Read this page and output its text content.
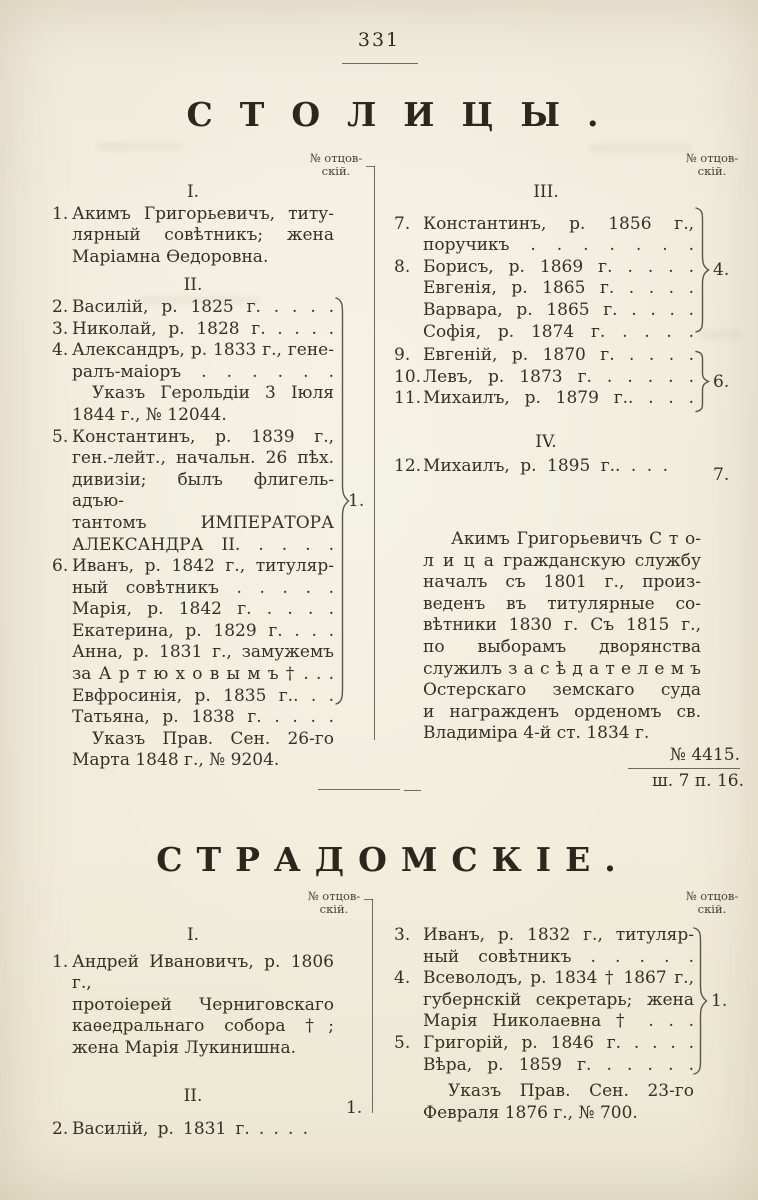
331
СТОЛИЦЫ.
№ отцов-
скій.
№ отцов-
скій.
I.
1. Акимъ Григорьевичъ, титу-
лярный совѣтникъ; жена
Маріамна Ѳедоровна.
II.
2. Василій, р. 1825 г. . . . .
3. Николай, р. 1828 г. . . . .
4. Александръ, р. 1833 г., гене-
ралъ-маіоръ . . . . . .
Указъ Герольдіи 3 Іюля
1844 г., № 12044.
5. Константинъ, р. 1839 г.,
ген.-лейт., начальн. 26 пѣх.
дивизіи; былъ флигель-адъю-
тантомъ ИМПЕРАТОРА
АЛЕКСАНДРА II. . . . .
6. Иванъ, р. 1842 г., титуляр-
ный совѣтникъ . . . . .
Марія, р. 1842 г. . . . .
Екатерина, р. 1829 г. . . .
Анна, р. 1831 г., замужемъ
за А р т ю х о в ы м ъ † . . .
Евфросинія, р. 1835 г.. . .
Татьяна, р. 1838 г. . . . .
Указъ Прав. Сен. 26-го
Марта 1848 г., № 9204.
III.
7. Константинъ, р. 1856 г.,
поручикъ . . . . . . .
8. Борисъ, р. 1869 г. . . . .
Евгенія, р. 1865 г. . . . .
Варвара, р. 1865 г. . . . .
Софія, р. 1874 г. . . . .
9. Евгеній, р. 1870 г. . . . .
10. Левъ, р. 1873 г. . . . . .
11. Михаилъ, р. 1879 г.. . . .
IV.
12. Михаилъ, р. 1895 г.. . . .
Акимъ Григорьевичъ С т о-
л и ц а гражданскую службу
началъ съ 1801 г., произ-
веденъ въ титулярные со-
вѣтники 1830 г. Съ 1815 г.,
по выборамъ дворянства
служилъ з а с ѣ д а т е л е м ъ
Остерскаго земскаго суда
и награжденъ орденомъ св.
Владиміра 4-й ст. 1834 г.
1.
4.
6.
7.
№ 4415.
ш. 7 п. 16.
СТРАДОМСКІЕ.
№ отцов-
скій.
№ отцов-
скій.
I.
1. Андрей Ивановичъ, р. 1806 г.,
протоіерей Черниговскаго
каѳедральнаго собора †;
жена Марія Лукинишна.
II.
2. Василій, р. 1831 г. . . . .
3. Иванъ, р. 1832 г., титуляр-
ный совѣтникъ . . . . .
4. Всеволодъ, р. 1834 † 1867 г.,
губернскій секретарь; жена
Марія Николаевна † . . .
5. Григорій, р. 1846 г. . . . .
Вѣра, р. 1859 г. . . . . .
Указъ Прав. Сен. 23-го
Февраля 1876 г., № 700.
1.
1.
